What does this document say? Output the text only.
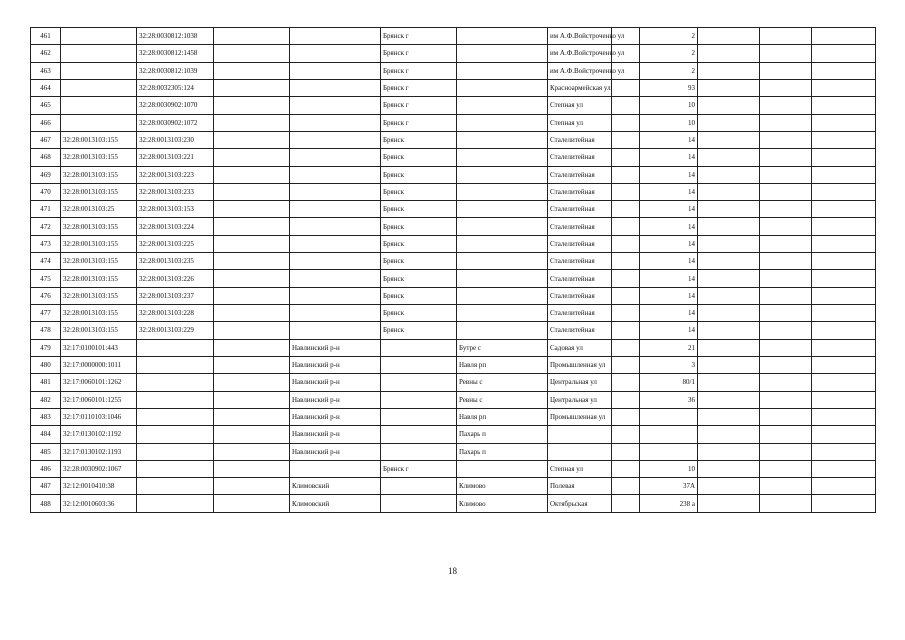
461		32:28:0030812:1038			Брянск г		им А.Ф.Войстроченко ул		2			
462		32:28:0030812:1458			Брянск г		им А.Ф.Войстроченко ул		2			
463		32:28:0030812:1039			Брянск г		им А.Ф.Войстроченко ул		2			
464		32:28:0032305:124			Брянск г		Красноармейская ул		93			
465		32:28:0030902:1070			Брянск г		Степная ул		10			
466		32:28:0030902:1072			Брянск г		Степная ул		10			
467	32:28:0013103:155	32:28:0013103:230			Брянск		Сталелитейная		14			
468	32:28:0013103:155	32:28:0013103:221			Брянск		Сталелитейная		14			
469	32:28:0013103:155	32:28:0013103:223			Брянск		Сталелитейная		14			
470	32:28:0013103:155	32:28:0013103:233			Брянск		Сталелитейная		14			
471	32:28:0013103:25	32:28:0013103:153			Брянск		Сталелитейная		14			
472	32:28:0013103:155	32:28:0013103:224			Брянск		Сталелитейная		14			
473	32:28:0013103:155	32:28:0013103:225			Брянск		Сталелитейная		14			
474	32:28:0013103:155	32:28:0013103:235			Брянск		Сталелитейная		14			
475	32:28:0013103:155	32:28:0013103:226			Брянск		Сталелитейная		14			
476	32:28:0013103:155	32:28:0013103:237			Брянск		Сталелитейная		14			
477	32:28:0013103:155	32:28:0013103:228			Брянск		Сталелитейная		14			
478	32:28:0013103:155	32:28:0013103:229			Брянск		Сталелитейная		14			
479	32:17:0100101:443			Навлинский р-н		Бутре с	Садовая ул		21			
480	32:17:0000000:1011			Навлинский р-н		Навля рп	Промышленная ул		3			
481	32:17:0060101:1262			Навлинский р-н		Ревны с	Центральная ул		80/1			
482	32:17:0060101:1255			Навлинский р-н		Ревны с	Центральная ул		36			
483	32:17:0110103:1046			Навлинский р-н		Навля рп	Промышленная ул					
484	32:17:0130102:1192			Навлинский р-н		Пахарь п						
485	32:17:0130102:1193			Навлинский р-н		Пахарь п						
486	32:28:0030902:1067				Брянск г		Степная ул		10			
487	32:12:0010410:38			Климовский		Климово	Полевая		37А			
488	32:12:0010603:36			Климовский		Климово	Октябрьская		238 а			
18
